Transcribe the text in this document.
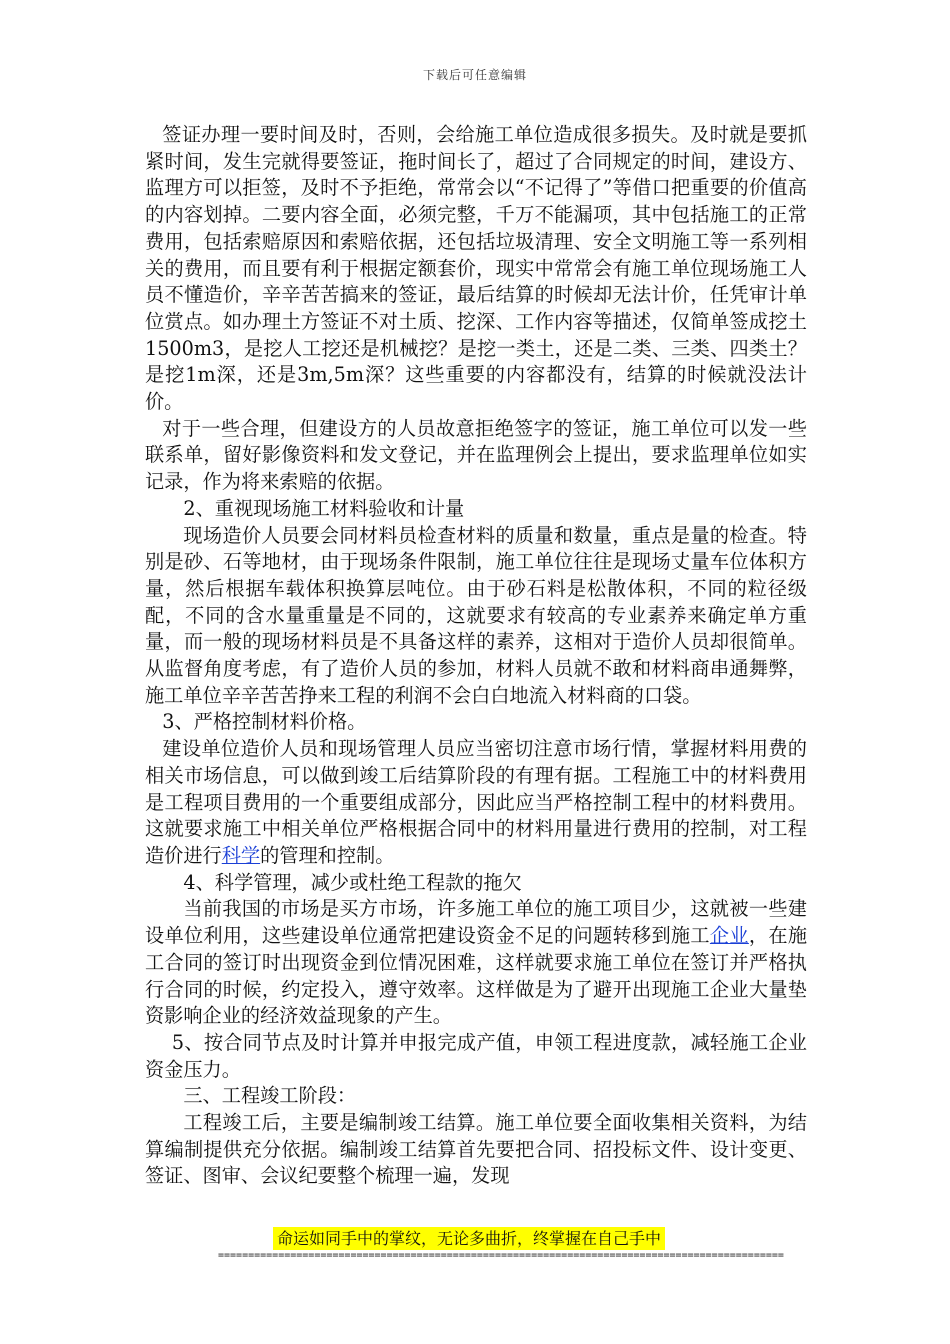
下载后可任意编辑

签证办理一要时间及时，否则，会给施工单位造成很多损失。及时就是要抓紧时间，发生完就得要签证，拖时间长了，超过了合同规定的时间，建设方、监理方可以拒签，及时不予拒绝，常常会以“不记得了”等借口把重要的价值高的内容划掉。二要内容全面，必须完整，千万不能漏项，其中包括施工的正常费用，包括索赔原因和索赔依据，还包括垃圾清理、安全文明施工等一系列相关的费用，而且要有利于根据定额套价，现实中常常会有施工单位现场施工人员不懂造价，辛辛苦苦搞来的签证，最后结算的时候却无法计价，任凭审计单位赏点。如办理土方签证不对土质、挖深、工作内容等描述，仅简单签成挖土1500m3，是挖人工挖还是机械挖？是挖一类土，还是二类、三类、四类土？是挖1m深，还是3m,5m深？这些重要的内容都没有，结算的时候就没法计价。

对于一些合理，但建设方的人员故意拒绝签字的签证，施工单位可以发一些联系单，留好影像资料和发文登记，并在监理例会上提出，要求监理单位如实记录，作为将来索赔的依据。

2、重视现场施工材料验收和计量

现场造价人员要会同材料员检查材料的质量和数量，重点是量的检查。特别是砂、石等地材，由于现场条件限制，施工单位往往是现场丈量车位体积方量，然后根据车载体积换算层吨位。由于砂石料是松散体积，不同的粒径级配，不同的含水量重量是不同的，这就要求有较高的专业素养来确定单方重量，而一般的现场材料员是不具备这样的素养，这相对于造价人员却很简单。从监督角度考虑，有了造价人员的参加，材料人员就不敢和材料商串通舞弊，施工单位辛辛苦苦挣来工程的利润不会白白地流入材料商的口袋。

3、严格控制材料价格。

建设单位造价人员和现场管理人员应当密切注意市场行情，掌握材料用费的相关市场信息，可以做到竣工后结算阶段的有理有据。工程施工中的材料费用是工程项目费用的一个重要组成部分，因此应当严格控制工程中的材料费用。这就要求施工中相关单位严格根据合同中的材料用量进行费用的控制，对工程造价进行科学的管理和控制。

4、科学管理，减少或杜绝工程款的拖欠

当前我国的市场是买方市场，许多施工单位的施工项目少，这就被一些建设单位利用，这些建设单位通常把建设资金不足的问题转移到施工企业，在施工合同的签订时出现资金到位情况困难，这样就要求施工单位在签订并严格执行合同的时候，约定投入，遵守效率。这样做是为了避开出现施工企业大量垫资影响企业的经济效益现象的产生。

5、按合同节点及时计算并申报完成产值，申领工程进度款，减轻施工企业资金压力。

三、工程竣工阶段：

工程竣工后，主要是编制竣工结算。施工单位要全面收集相关资料，为结算编制提供充分依据。编制竣工结算首先要把合同、招投标文件、设计变更、签证、图审、会议纪要整个梳理一遍，发现

命运如同手中的掌纹，无论多曲折，终掌握在自己手中
==============================================================================================
